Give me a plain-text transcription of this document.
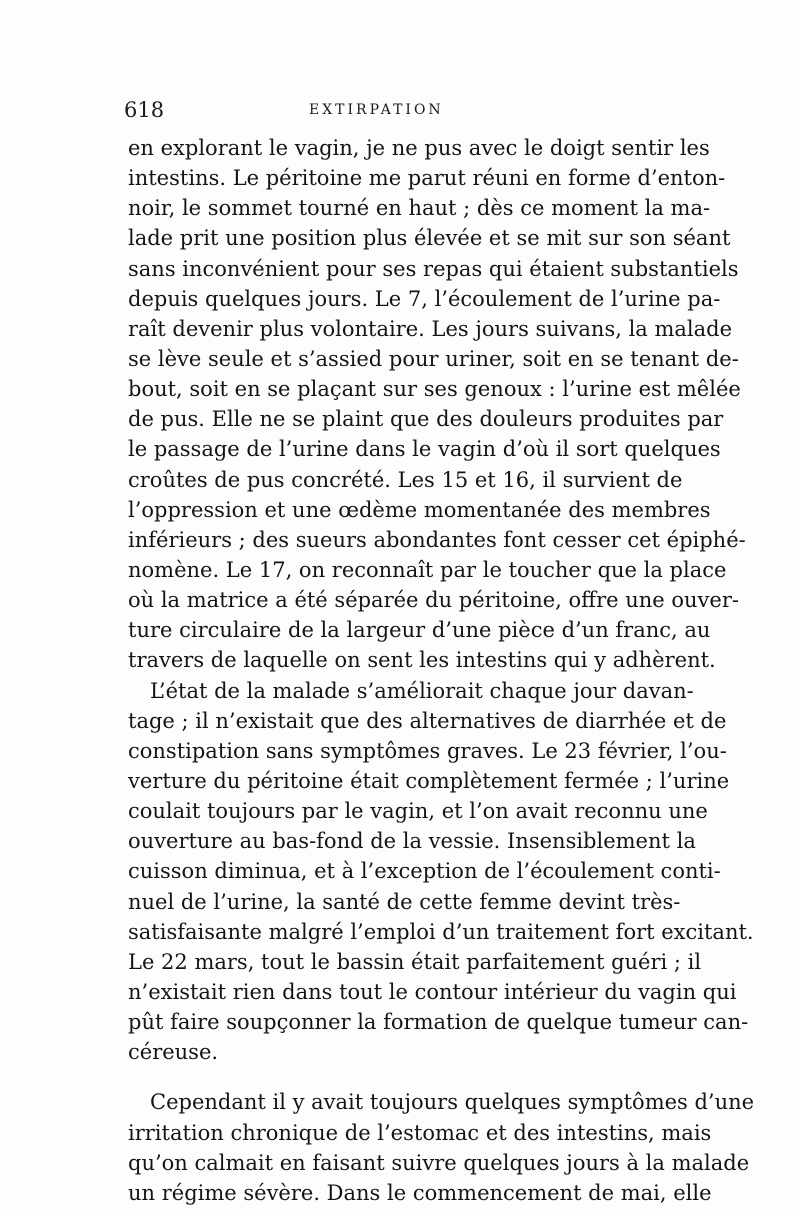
618	EXTIRPATION
en explorant le vagin, je ne pus avec le doigt sentir les
intestins. Le péritoine me parut réuni en forme d’enton-
noir, le sommet tourné en haut ; dès ce moment la ma-
lade prit une position plus élevée et se mit sur son séant
sans inconvénient pour ses repas qui étaient substantiels
depuis quelques jours. Le 7, l’écoulement de l’urine pa-
raît devenir plus volontaire. Les jours suivans, la malade
se lève seule et s’assied pour uriner, soit en se tenant de-
bout, soit en se plaçant sur ses genoux : l’urine est mêlée
de pus. Elle ne se plaint que des douleurs produites par
le passage de l’urine dans le vagin d’où il sort quelques
croûtes de pus concrété. Les 15 et 16, il survient de
l’oppression et une œdème momentanée des membres
inférieurs ; des sueurs abondantes font cesser cet épiphé-
nomène. Le 17, on reconnaît par le toucher que la place
où la matrice a été séparée du péritoine, offre une ouver-
ture circulaire de la largeur d’une pièce d’un franc, au
travers de laquelle on sent les intestins qui y adhèrent.
L’état de la malade s’améliorait chaque jour davan-
tage ; il n’existait que des alternatives de diarrhée et de
constipation sans symptômes graves. Le 23 février, l’ou-
verture du péritoine était complètement fermée ; l’urine
coulait toujours par le vagin, et l’on avait reconnu une
ouverture au bas-fond de la vessie. Insensiblement la
cuisson diminua, et à l’exception de l’écoulement conti-
nuel de l’urine, la santé de cette femme devint très-
satisfaisante malgré l’emploi d’un traitement fort excitant.
Le 22 mars, tout le bassin était parfaitement guéri ; il
n’existait rien dans tout le contour intérieur du vagin qui
pût faire soupçonner la formation de quelque tumeur can-
céreuse.
Cependant il y avait toujours quelques symptômes d’une
irritation chronique de l’estomac et des intestins, mais
qu’on calmait en faisant suivre quelques jours à la malade
un régime sévère. Dans le commencement de mai, elle
